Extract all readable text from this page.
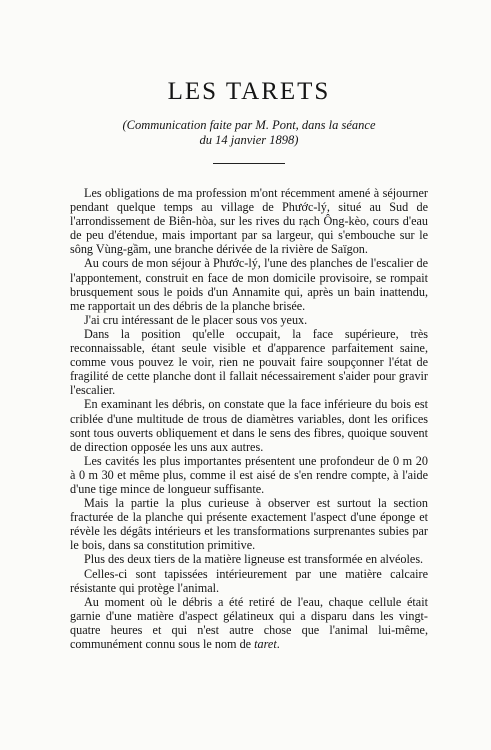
LES TARETS
(Communication faite par M. Pont, dans la séance
du 14 janvier 1898)

Les obligations de ma profession m'ont récemment amené à séjourner pendant quelque temps au village de Phước-lý, situé au Sud de l'arrondissement de Biên-hòa, sur les rives du rạch Ông-kèo, cours d'eau de peu d'étendue, mais important par sa largeur, qui s'embouche sur le sông Vùng-gầm, une branche dérivée de la rivière de Saïgon.

Au cours de mon séjour à Phước-lý, l'une des planches de l'escalier de l'appontement, construit en face de mon domicile provisoire, se rompait brusquement sous le poids d'un Annamite qui, après un bain inattendu, me rapportait un des débris de la planche brisée.

J'ai cru intéressant de le placer sous vos yeux.

Dans la position qu'elle occupait, la face supérieure, très reconnaissable, étant seule visible et d'apparence parfaitement saine, comme vous pouvez le voir, rien ne pouvait faire soupçonner l'état de fragilité de cette planche dont il fallait nécessairement s'aider pour gravir l'escalier.

En examinant les débris, on constate que la face inférieure du bois est criblée d'une multitude de trous de diamètres variables, dont les orifices sont tous ouverts obliquement et dans le sens des fibres, quoique souvent de direction opposée les uns aux autres.

Les cavités les plus importantes présentent une profondeur de 0 m 20 à 0 m 30 et même plus, comme il est aisé de s'en rendre compte, à l'aide d'une tige mince de longueur suffisante.

Mais la partie la plus curieuse à observer est surtout la section fracturée de la planche qui présente exactement l'aspect d'une éponge et révèle les dégâts intérieurs et les transformations surprenantes subies par le bois, dans sa constitution primitive.

Plus des deux tiers de la matière ligneuse est transformée en alvéoles.

Celles-ci sont tapissées intérieurement par une matière calcaire résistante qui protège l'animal.

Au moment où le débris a été retiré de l'eau, chaque cellule était garnie d'une matière d'aspect gélatineux qui a disparu dans les vingt-quatre heures et qui n'est autre chose que l'animal lui-même, communément connu sous le nom de taret.
